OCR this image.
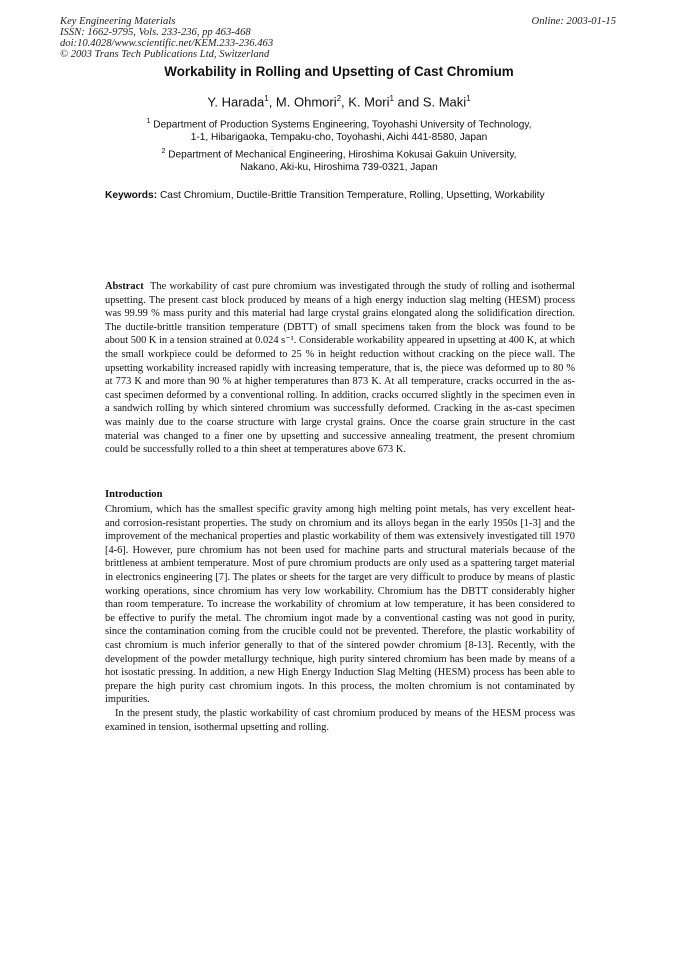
Key Engineering Materials
ISSN: 1662-9795, Vols. 233-236, pp 463-468
doi:10.4028/www.scientific.net/KEM.233-236.463
© 2003 Trans Tech Publications Ltd, Switzerland
Online: 2003-01-15
Workability in Rolling and Upsetting of Cast Chromium
Y. Harada$^1$, M. Ohmori$^2$, K. Mori$^1$ and S. Maki$^1$
$^1$ Department of Production Systems Engineering, Toyohashi University of Technology,
1-1, Hibarigaoka, Tempaku-cho, Toyohashi, Aichi 441-8580, Japan
$^2$ Department of Mechanical Engineering, Hiroshima Kokusai Gakuin University,
Nakano, Aki-ku, Hiroshima 739-0321, Japan
Keywords: Cast Chromium, Ductile-Brittle Transition Temperature, Rolling, Upsetting, Workability
Abstract The workability of cast pure chromium was investigated through the study of rolling and isothermal upsetting. The present cast block produced by means of a high energy induction slag melting (HESM) process was 99.99 % mass purity and this material had large crystal grains elongated along the solidification direction. The ductile-brittle transition temperature (DBTT) of small specimens taken from the block was found to be about 500 K in a tension strained at 0.024 s⁻¹. Considerable workability appeared in upsetting at 400 K, at which the small workpiece could be deformed to 25 % in height reduction without cracking on the piece wall. The upsetting workability increased rapidly with increasing temperature, that is, the piece was deformed up to 80 % at 773 K and more than 90 % at higher temperatures than 873 K. At all temperature, cracks occurred in the as-cast specimen deformed by a conventional rolling. In addition, cracks occurred slightly in the specimen even in a sandwich rolling by which sintered chromium was successfully deformed. Cracking in the as-cast specimen was mainly due to the coarse structure with large crystal grains. Once the coarse grain structure in the cast material was changed to a finer one by upsetting and successive annealing treatment, the present chromium could be successfully rolled to a thin sheet at temperatures above 673 K.
Introduction

Chromium, which has the smallest specific gravity among high melting point metals, has very excellent heat- and corrosion-resistant properties. The study on chromium and its alloys began in the early 1950s [1-3] and the improvement of the mechanical properties and plastic workability of them was extensively investigated till 1970 [4-6]. However, pure chromium has not been used for machine parts and structural materials because of the brittleness at ambient temperature. Most of pure chromium products are only used as a spattering target material in electronics engineering [7]. The plates or sheets for the target are very difficult to produce by means of plastic working operations, since chromium has very low workability. Chromium has the DBTT considerably higher than room temperature. To increase the workability of chromium at low temperature, it has been considered to be effective to purify the metal. The chromium ingot made by a conventional casting was not good in purity, since the contamination coming from the crucible could not be prevented. Therefore, the plastic workability of cast chromium is much inferior generally to that of the sintered powder chromium [8-13]. Recently, with the development of the powder metallurgy technique, high purity sintered chromium has been made by means of a hot isostatic pressing. In addition, a new High Energy Induction Slag Melting (HESM) process has been able to prepare the high purity cast chromium ingots. In this process, the molten chromium is not contaminated by impurities.

In the present study, the plastic workability of cast chromium produced by means of the HESM process was examined in tension, isothermal upsetting and rolling.
